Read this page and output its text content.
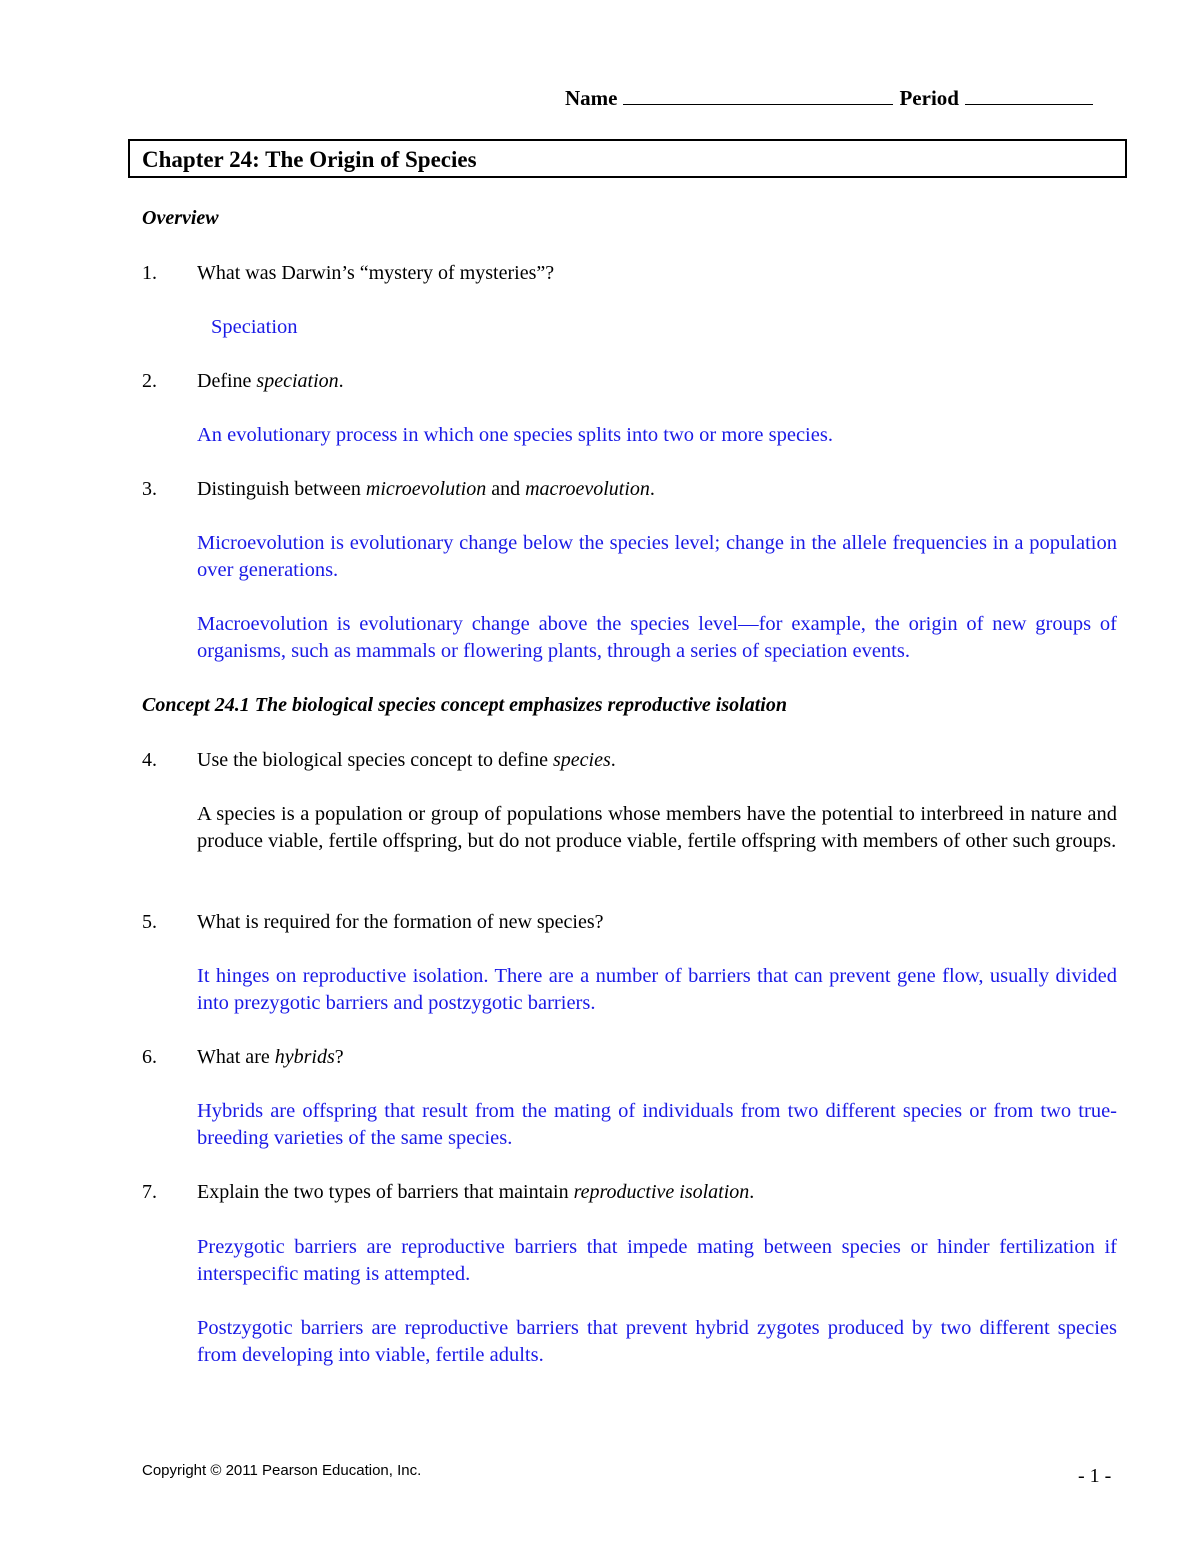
Name	Period
Chapter 24: The Origin of Species
Overview
1. What was Darwin’s “mystery of mysteries”?
Speciation
2. Define speciation.
An evolutionary process in which one species splits into two or more species.
3. Distinguish between microevolution and macroevolution.
Microevolution is evolutionary change below the species level; change in the allele frequencies in a population over generations.
Macroevolution is evolutionary change above the species level—for example, the origin of new groups of organisms, such as mammals or flowering plants, through a series of speciation events.
Concept 24.1 The biological species concept emphasizes reproductive isolation
4. Use the biological species concept to define species.
A species is a population or group of populations whose members have the potential to interbreed in nature and produce viable, fertile offspring, but do not produce viable, fertile offspring with members of other such groups.
5. What is required for the formation of new species?
It hinges on reproductive isolation. There are a number of barriers that can prevent gene flow, usually divided into prezygotic barriers and postzygotic barriers.
6. What are hybrids?
Hybrids are offspring that result from the mating of individuals from two different species or from two true-breeding varieties of the same species.
7. Explain the two types of barriers that maintain reproductive isolation.
Prezygotic barriers are reproductive barriers that impede mating between species or hinder fertilization if interspecific mating is attempted.
Postzygotic barriers are reproductive barriers that prevent hybrid zygotes produced by two different species from developing into viable, fertile adults.
Copyright © 2011 Pearson Education, Inc.	- 1 -
